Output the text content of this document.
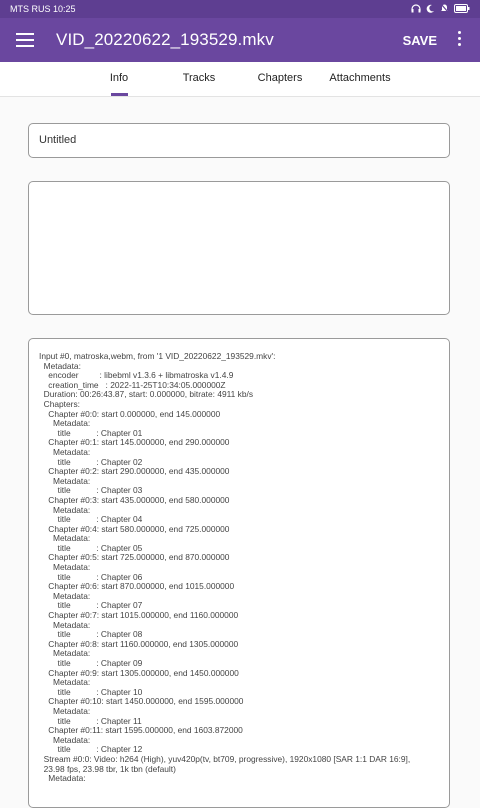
MTS RUS 10:25
VID_20220622_193529.mkv	SAVE
Info	Tracks	Chapters Attachments
Untitled
Input #0, matroska,webm, from '1 VID_20220622_193529.mkv':
Metadata:
encoder         : libebml v1.3.6 + libmatroska v1.4.9
creation_time   : 2022-11-25T10:34:05.000000Z
Duration: 00:26:43.87, start: 0.000000, bitrate: 4911 kb/s
Chapters:
Chapter #0:0: start 0.000000, end 145.000000
Metadata:
title           : Chapter 01
Chapter #0:1: start 145.000000, end 290.000000
Metadata:
title           : Chapter 02
Chapter #0:2: start 290.000000, end 435.000000
Metadata:
title           : Chapter 03
Chapter #0:3: start 435.000000, end 580.000000
Metadata:
title           : Chapter 04
Chapter #0:4: start 580.000000, end 725.000000
Metadata:
title           : Chapter 05
Chapter #0:5: start 725.000000, end 870.000000
Metadata:
title           : Chapter 06
Chapter #0:6: start 870.000000, end 1015.000000
Metadata:
title           : Chapter 07
Chapter #0:7: start 1015.000000, end 1160.000000
Metadata:
title           : Chapter 08
Chapter #0:8: start 1160.000000, end 1305.000000
Metadata:
title           : Chapter 09
Chapter #0:9: start 1305.000000, end 1450.000000
Metadata:
title           : Chapter 10
Chapter #0:10: start 1450.000000, end 1595.000000
Metadata:
title           : Chapter 11
Chapter #0:11: start 1595.000000, end 1603.872000
Metadata:
title           : Chapter 12
Stream #0:0: Video: h264 (High), yuv420p(tv, bt709, progressive), 1920x1080 [SAR 1:1 DAR 16:9],
23.98 fps, 23.98 tbr, 1k tbn (default)
Metadata:
